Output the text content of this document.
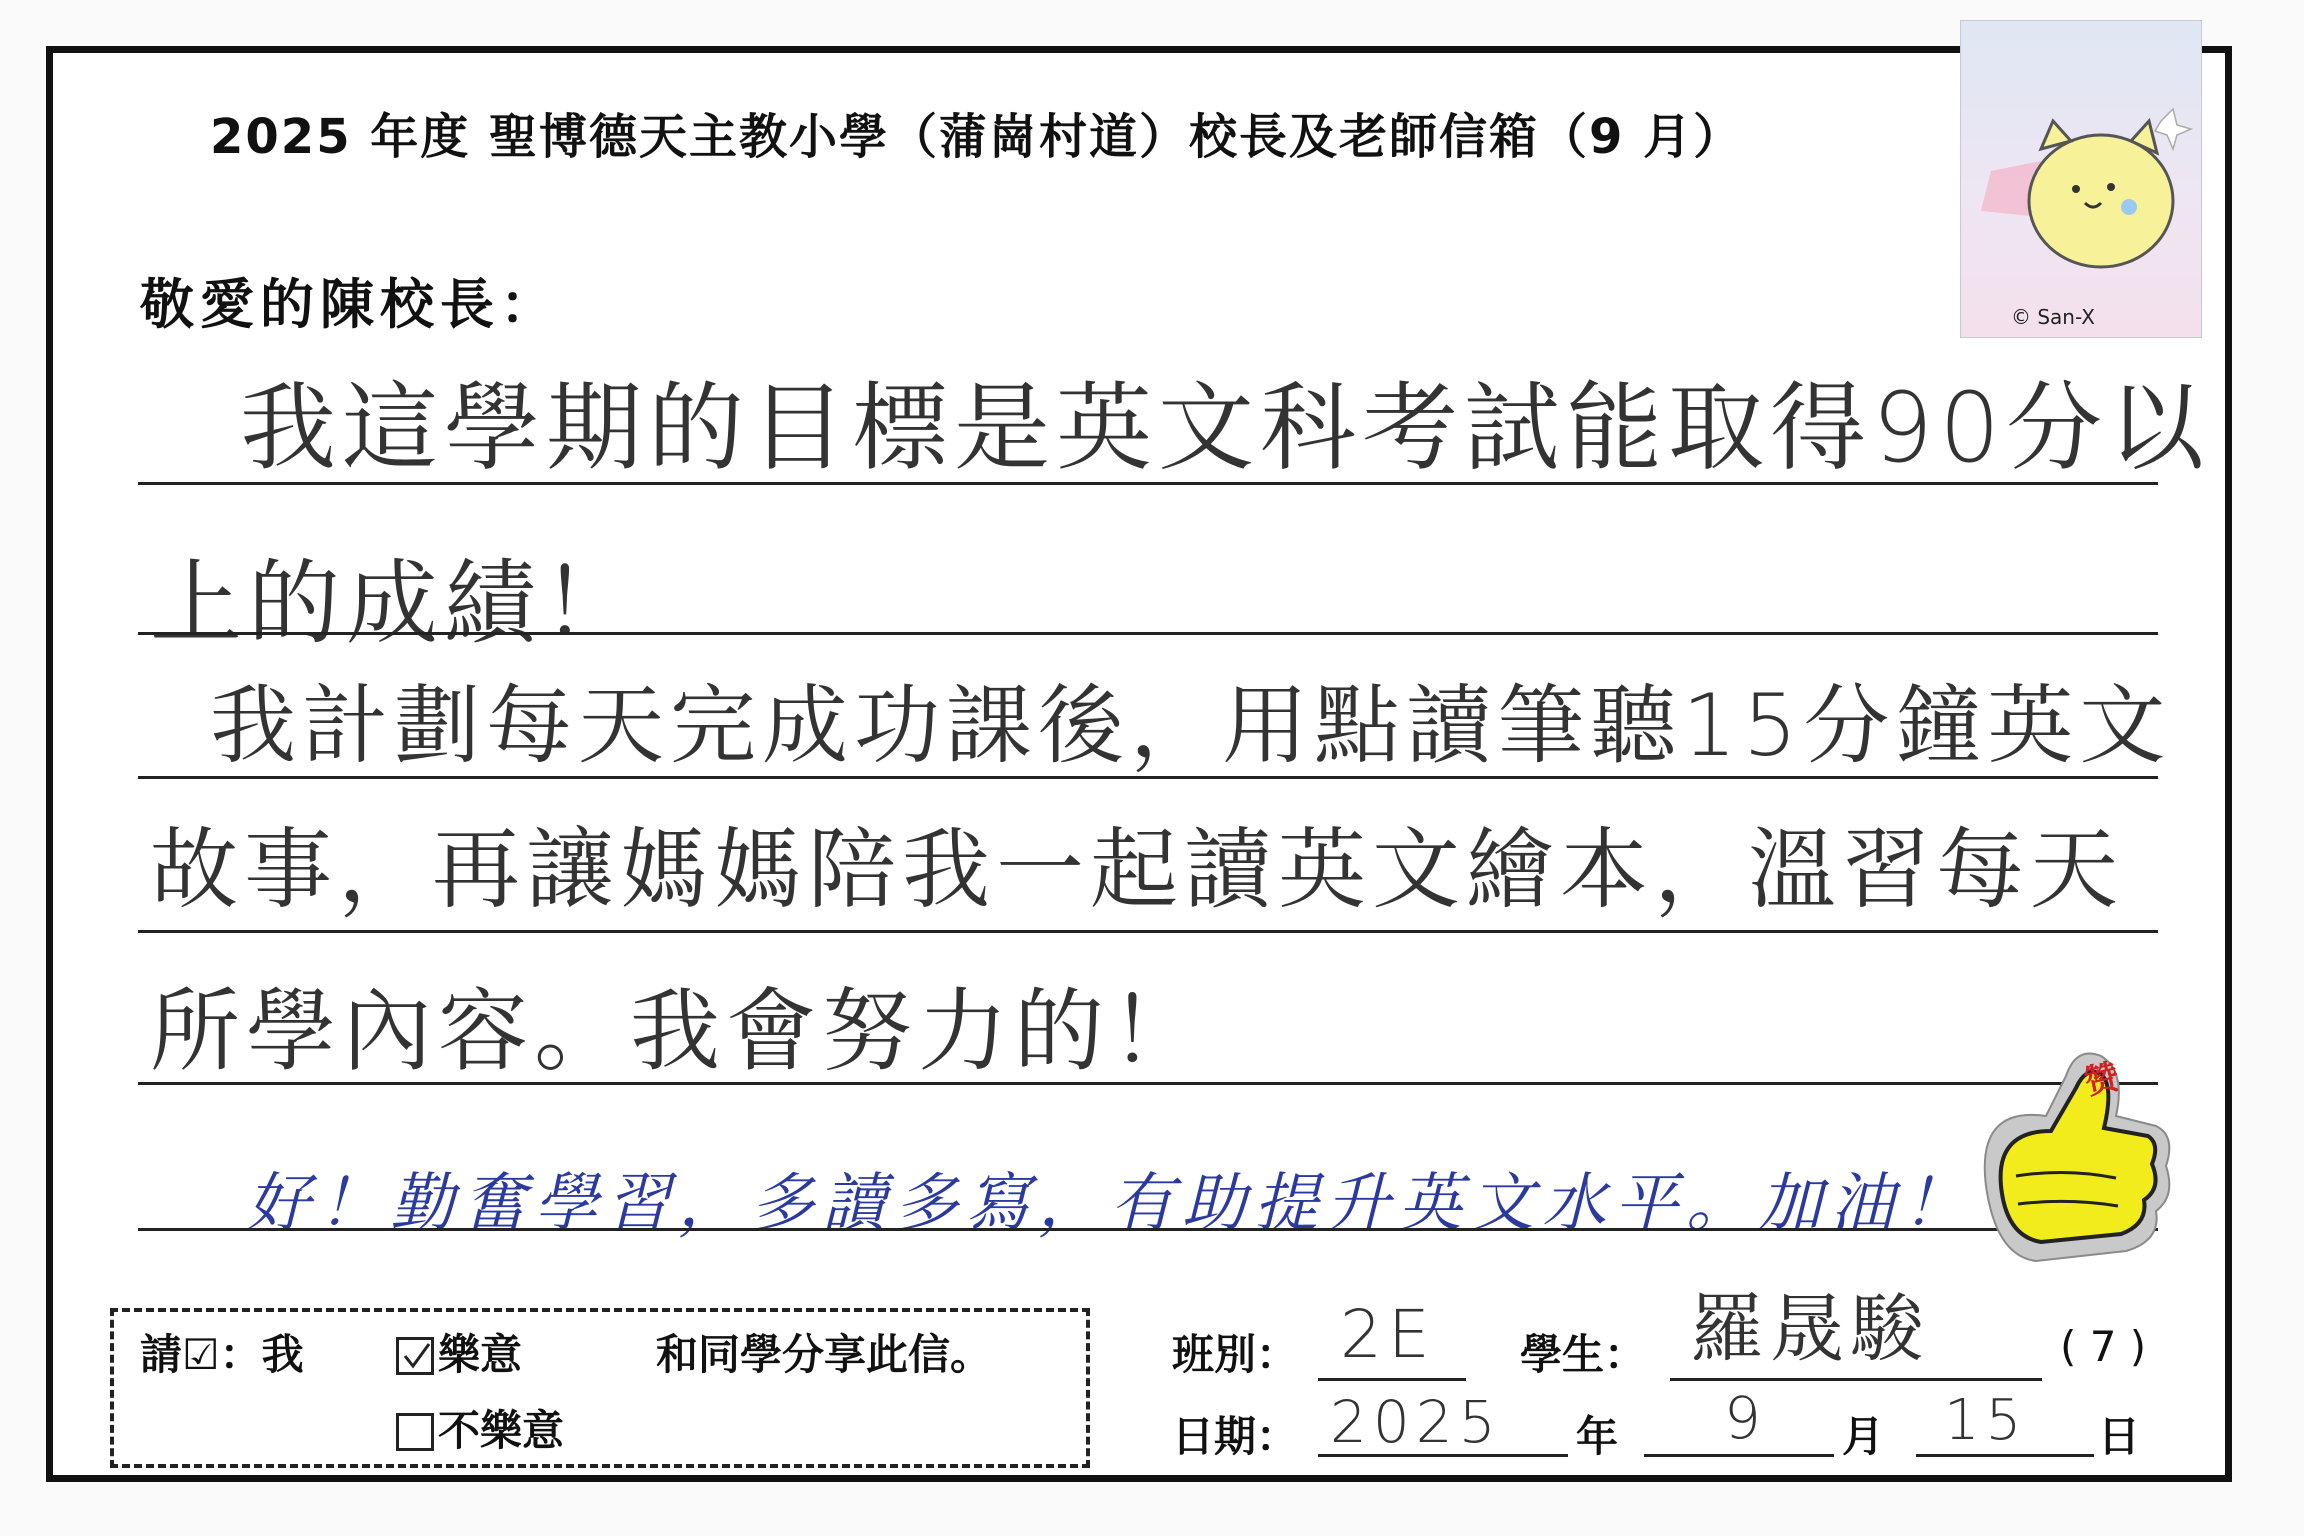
2025 年度 聖博德天主教小學（蒲崗村道）校長及老師信箱（9 月）
© San-X
敬愛的陳校長：
我這學期的目標是英文科考試能取得90分以
上的成績！
我計劃每天完成功課後，用點讀筆聽15分鐘英文
故事，再讓媽媽陪我一起讀英文繪本，溫習每天
所學內容。我會努力的！
好！勤奮學習，多讀多寫，有助提升英文水平。加油！
赞
請☑：我	樂意	和同學分享此信。
不樂意
班別： 2E 學生： 羅晟駿	( 7 )
日期： 2025 年 9 月 15 日
